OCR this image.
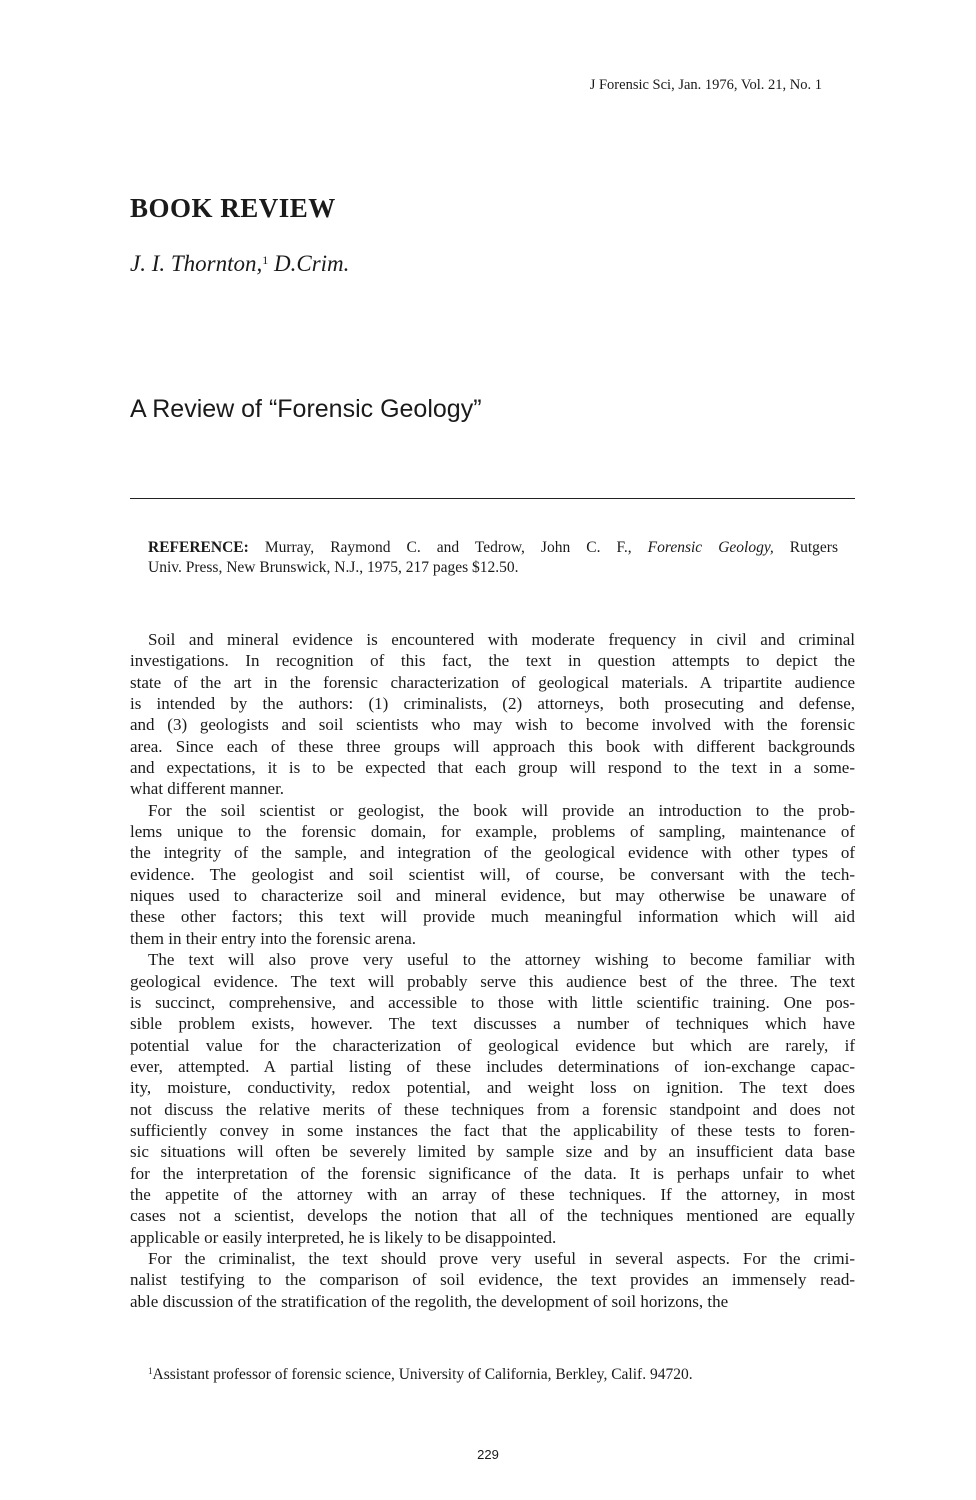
J Forensic Sci, Jan. 1976, Vol. 21, No. 1
BOOK REVIEW
J. I. Thornton,$^1$ D.Crim.
A Review of “Forensic Geology”
REFERENCE: Murray, Raymond C. and Tedrow, John C. F., Forensic Geology, Rutgers
Univ. Press, New Brunswick, N.J., 1975, 217 pages $12.50.
Soil and mineral evidence is encountered with moderate frequency in civil and criminal
investigations. In recognition of this fact, the text in question attempts to depict the
state of the art in the forensic characterization of geological materials. A tripartite audience
is intended by the authors: (1) criminalists, (2) attorneys, both prosecuting and defense,
and (3) geologists and soil scientists who may wish to become involved with the forensic
area. Since each of these three groups will approach this book with different backgrounds
and expectations, it is to be expected that each group will respond to the text in a some-
what different manner.
For the soil scientist or geologist, the book will provide an introduction to the prob-
lems unique to the forensic domain, for example, problems of sampling, maintenance of
the integrity of the sample, and integration of the geological evidence with other types of
evidence. The geologist and soil scientist will, of course, be conversant with the tech-
niques used to characterize soil and mineral evidence, but may otherwise be unaware of
these other factors; this text will provide much meaningful information which will aid
them in their entry into the forensic arena.
The text will also prove very useful to the attorney wishing to become familiar with
geological evidence. The text will probably serve this audience best of the three. The text
is succinct, comprehensive, and accessible to those with little scientific training. One pos-
sible problem exists, however. The text discusses a number of techniques which have
potential value for the characterization of geological evidence but which are rarely, if
ever, attempted. A partial listing of these includes determinations of ion-exchange capac-
ity, moisture, conductivity, redox potential, and weight loss on ignition. The text does
not discuss the relative merits of these techniques from a forensic standpoint and does not
sufficiently convey in some instances the fact that the applicability of these tests to foren-
sic situations will often be severely limited by sample size and by an insufficient data base
for the interpretation of the forensic significance of the data. It is perhaps unfair to whet
the appetite of the attorney with an array of these techniques. If the attorney, in most
cases not a scientist, develops the notion that all of the techniques mentioned are equally
applicable or easily interpreted, he is likely to be disappointed.
For the criminalist, the text should prove very useful in several aspects. For the crimi-
nalist testifying to the comparison of soil evidence, the text provides an immensely read-
able discussion of the stratification of the regolith, the development of soil horizons, the
$^1$Assistant professor of forensic science, University of California, Berkley, Calif. 94720.
229
